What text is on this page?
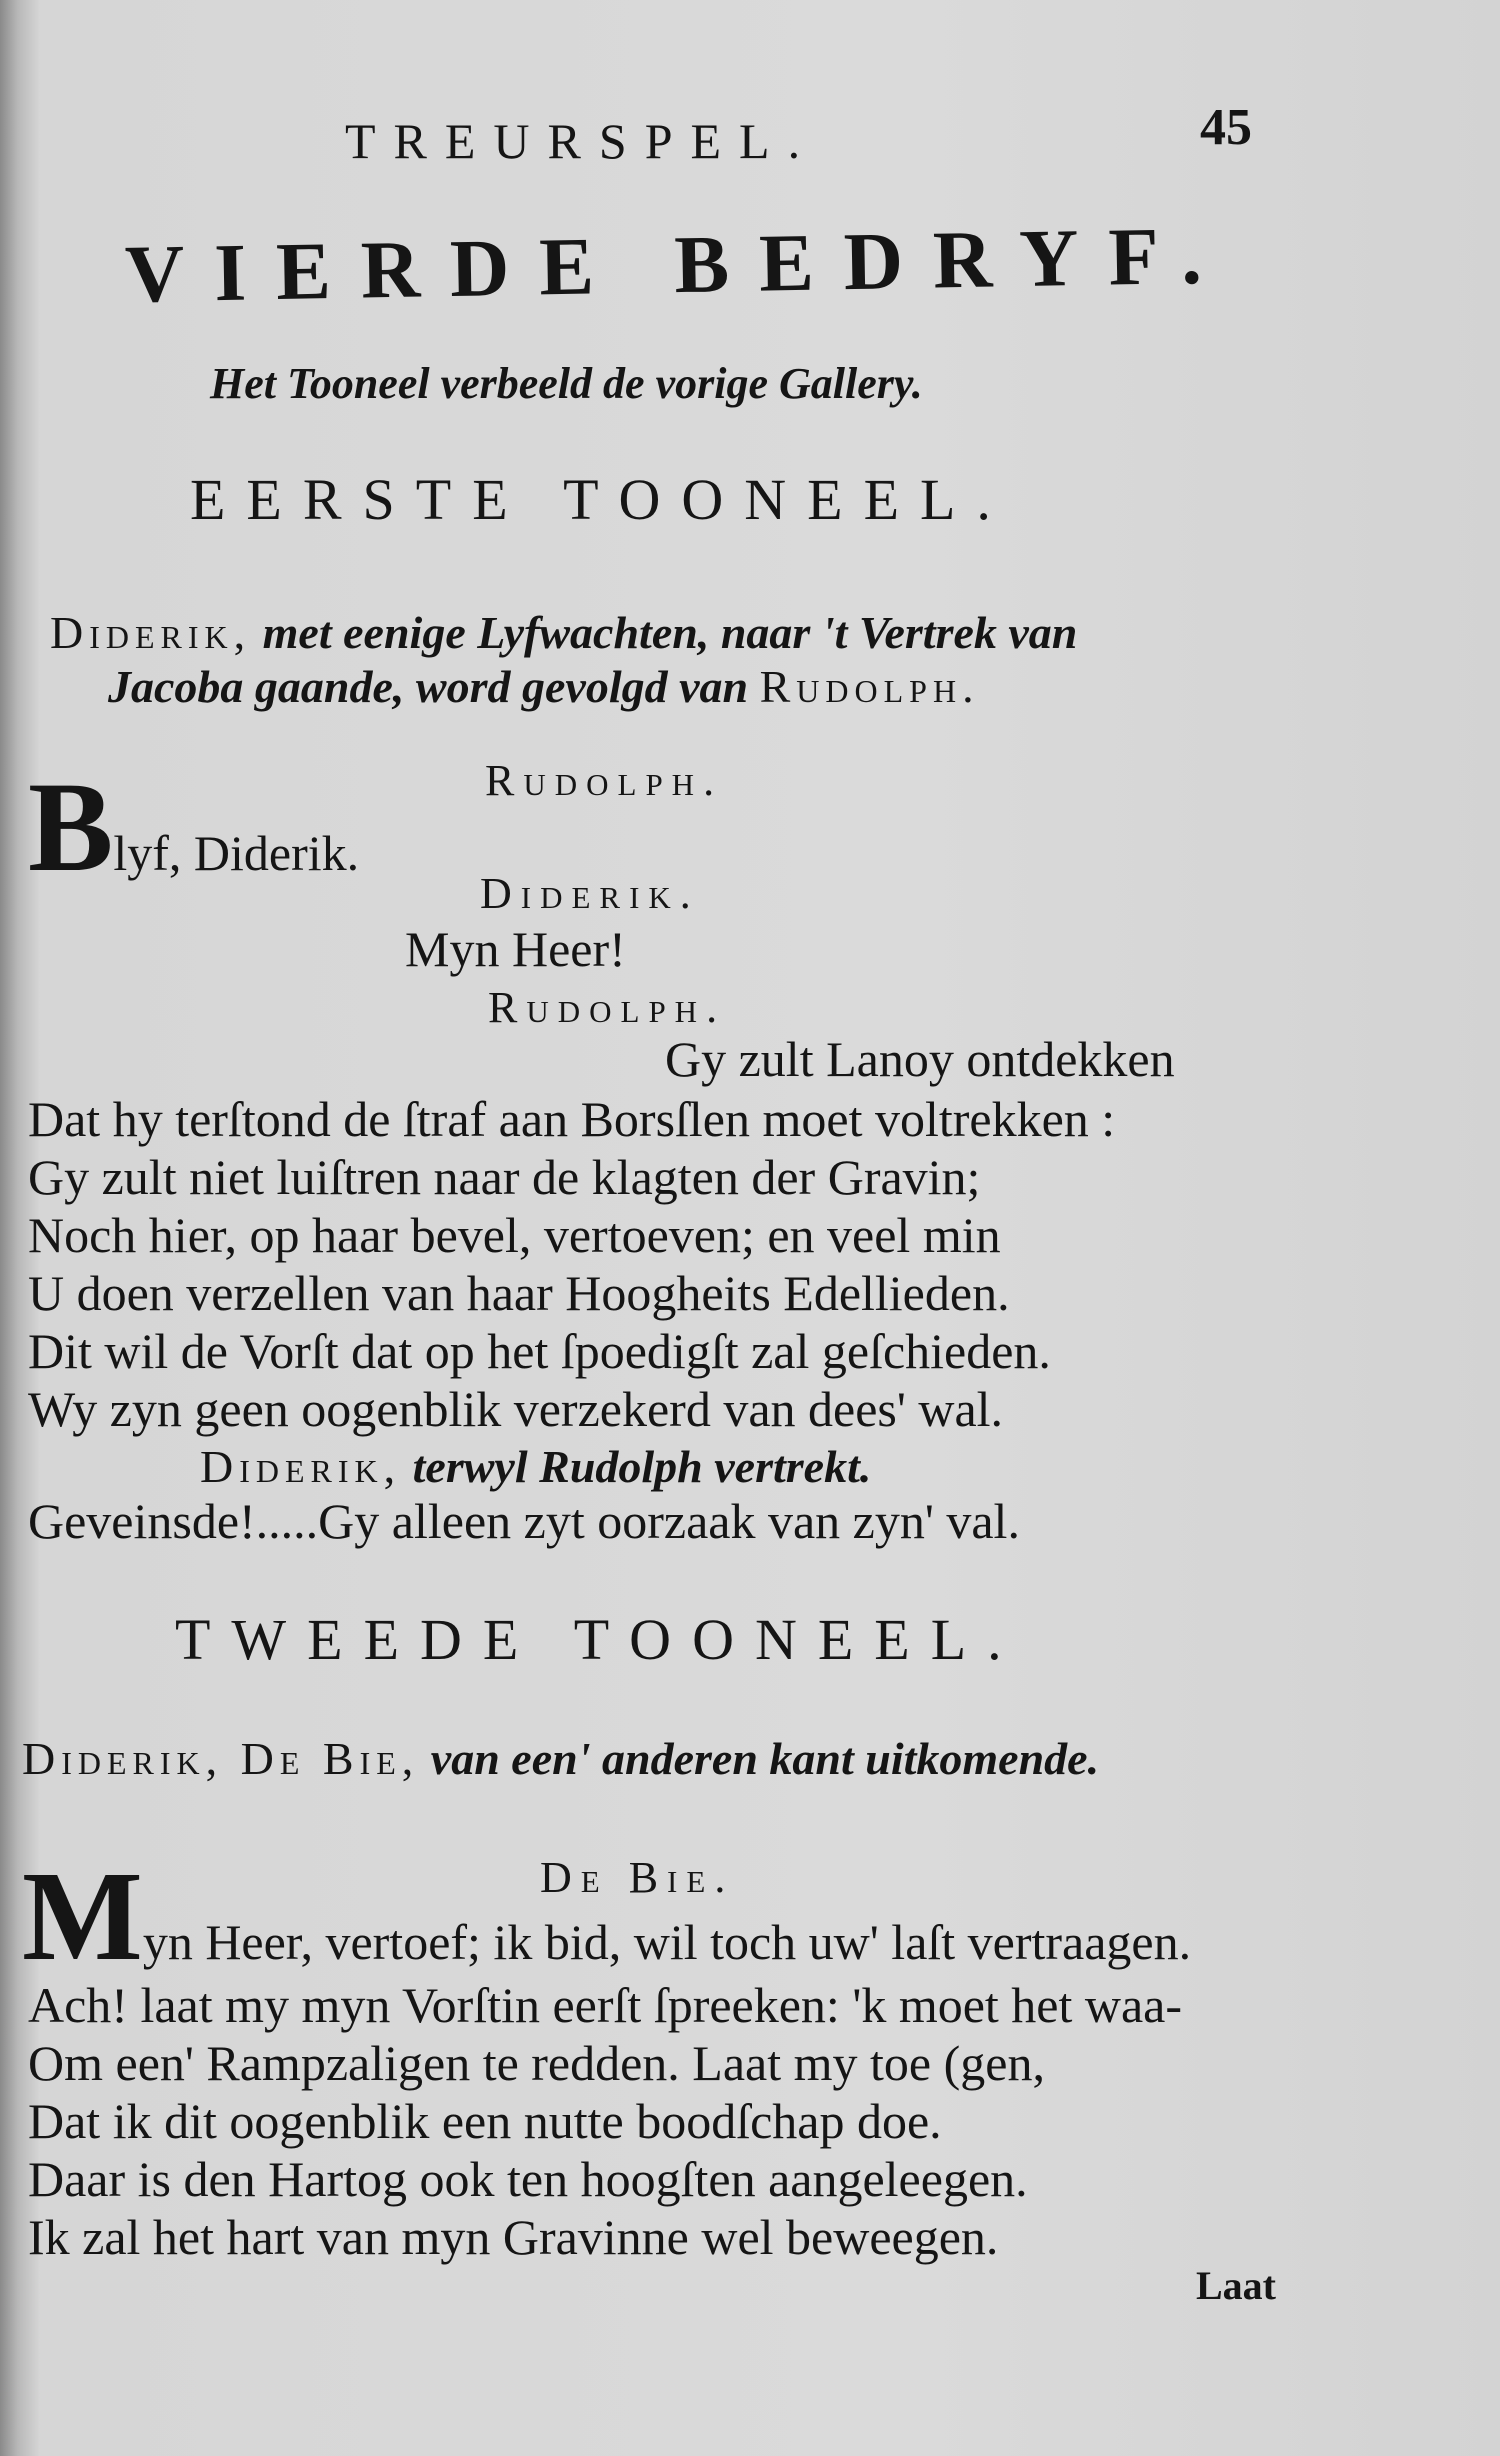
TREURSPEL.	45
VIERDE BEDRYF.
Het Tooneel verbeeld de vorige Gallery.
EERSTE TOONEEL.
Diderik, met eenige Lyfwachten, naar 't Vertrek van
Jacoba gaande, word gevolgd van Rudolph.
Rudolph.
Blyf, Diderik.
Diderik.
Myn Heer!
Rudolph.
Gy zult Lanoy ontdekken
Dat hy terſtond de ſtraf aan Borsſlen moet voltrekken :
Gy zult niet luiſtren naar de klagten der Gravin;
Noch hier, op haar bevel, vertoeven; en veel min
U doen verzellen van haar Hoogheits Edellieden.
Dit wil de Vorſt dat op het ſpoedigſt zal geſchieden.
Wy zyn geen oogenblik verzekerd van dees' wal.
Diderik, terwyl Rudolph vertrekt.
Geveinsde!.....Gy alleen zyt oorzaak van zyn' val.
TWEEDE TOONEEL.
Diderik, De Bie, van een' anderen kant uitkomende.
De Bie.
Myn Heer, vertoef; ik bid, wil toch uw' laſt vertraagen.
Ach! laat my myn Vorſtin eerſt ſpreeken: 'k moet het waa-
Om een' Rampzaligen te redden. Laat my toe (gen,
Dat ik dit oogenblik een nutte boodſchap doe.
Daar is den Hartog ook ten hoogſten aangeleegen.
Ik zal het hart van myn Gravinne wel beweegen.
Laat
